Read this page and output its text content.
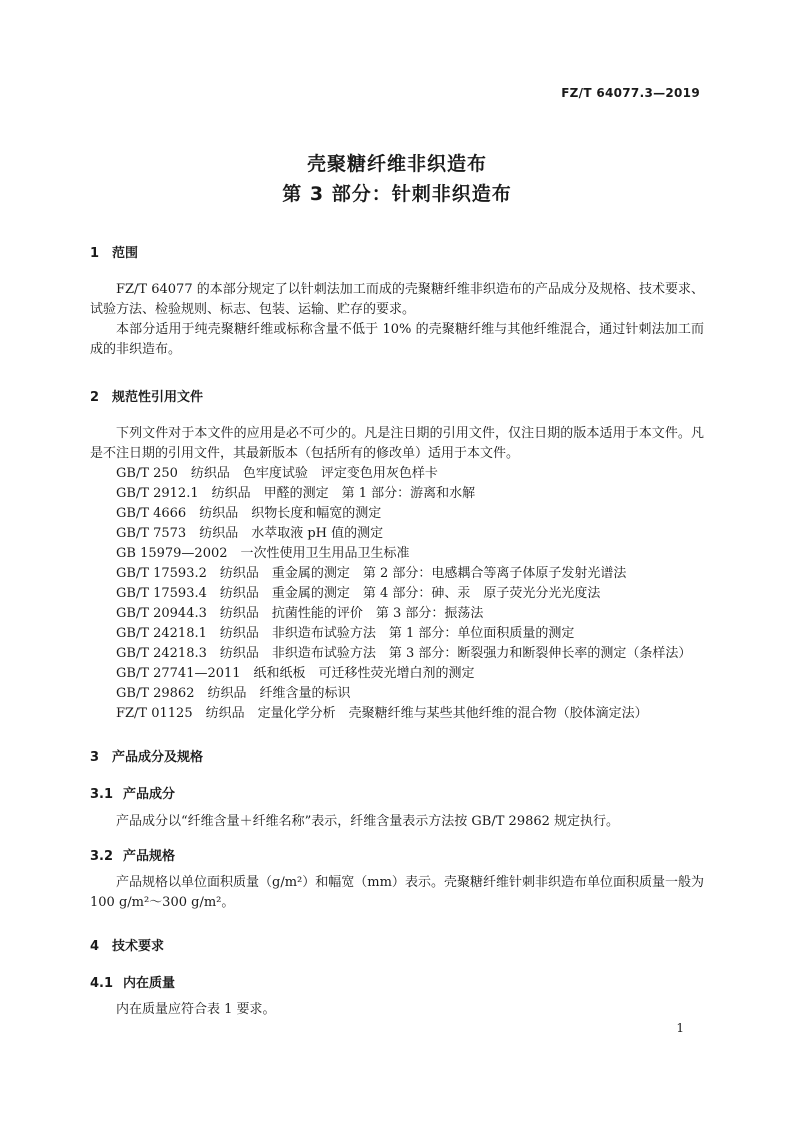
FZ/T 64077.3—2019
壳聚糖纤维非织造布
第 3 部分：针刺非织造布
1 范围
FZ/T 64077 的本部分规定了以针刺法加工而成的壳聚糖纤维非织造布的产品成分及规格、技术要求、试验方法、检验规则、标志、包装、运输、贮存的要求。
本部分适用于纯壳聚糖纤维或标称含量不低于 10% 的壳聚糖纤维与其他纤维混合，通过针刺法加工而成的非织造布。
2 规范性引用文件
下列文件对于本文件的应用是必不可少的。凡是注日期的引用文件，仅注日期的版本适用于本文件。凡是不注日期的引用文件，其最新版本（包括所有的修改单）适用于本文件。
GB/T 250　纺织品　色牢度试验　评定变色用灰色样卡
GB/T 2912.1　纺织品　甲醛的测定　第 1 部分：游离和水解
GB/T 4666　纺织品　织物长度和幅宽的测定
GB/T 7573　纺织品　水萃取液 pH 值的测定
GB 15979—2002　一次性使用卫生用品卫生标准
GB/T 17593.2　纺织品　重金属的测定　第 2 部分：电感耦合等离子体原子发射光谱法
GB/T 17593.4　纺织品　重金属的测定　第 4 部分：砷、汞　原子荧光分光光度法
GB/T 20944.3　纺织品　抗菌性能的评价　第 3 部分：振荡法
GB/T 24218.1　纺织品　非织造布试验方法　第 1 部分：单位面积质量的测定
GB/T 24218.3　纺织品　非织造布试验方法　第 3 部分：断裂强力和断裂伸长率的测定（条样法）
GB/T 27741—2011　纸和纸板　可迁移性荧光增白剂的测定
GB/T 29862　纺织品　纤维含量的标识
FZ/T 01125　纺织品　定量化学分析　壳聚糖纤维与某些其他纤维的混合物（胶体滴定法）
3 产品成分及规格
3.1 产品成分
产品成分以“纤维含量＋纤维名称”表示，纤维含量表示方法按 GB/T 29862 规定执行。
3.2 产品规格
产品规格以单位面积质量（g/m²）和幅宽（mm）表示。壳聚糖纤维针刺非织造布单位面积质量一般为 100 g/m²～300 g/m²。
4 技术要求
4.1 内在质量
内在质量应符合表 1 要求。
1
